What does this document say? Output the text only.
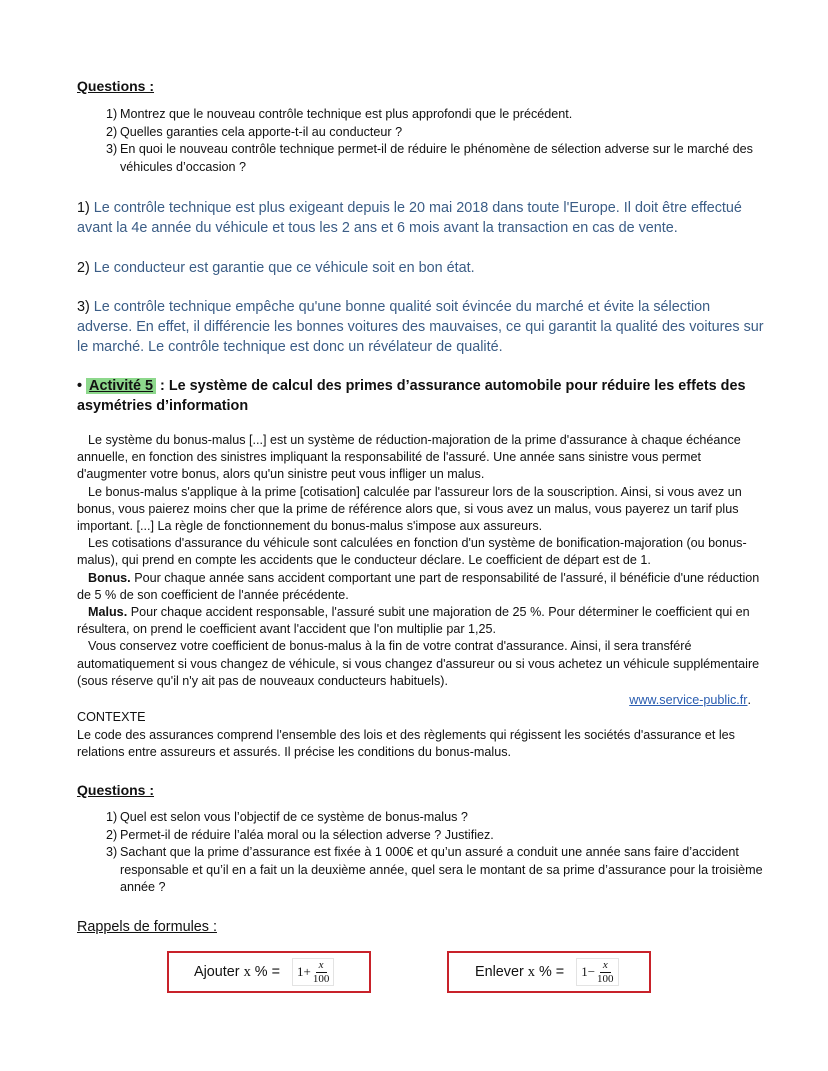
Questions :
1) Montrez que le nouveau contrôle technique est plus approfondi que le précédent.
2) Quelles garanties cela apporte-t-il au conducteur ?
3) En quoi le nouveau contrôle technique permet-il de réduire le phénomène de sélection adverse sur le marché des véhicules d’occasion ?
1) Le contrôle technique est plus exigeant depuis le 20 mai 2018 dans toute l'Europe. Il doit être effectué avant la 4e année du véhicule et tous les 2 ans et 6 mois avant la transaction en cas de vente.
2) Le conducteur est garantie que ce véhicule soit en bon état.
3) Le contrôle technique empêche qu'une bonne qualité soit évincée du marché et évite la sélection adverse. En effet, il différencie les bonnes voitures des mauvaises, ce qui garantit la qualité des voitures sur le marché. Le contrôle technique est donc un révélateur de qualité.
• Activité 5 : Le système de calcul des primes d’assurance automobile pour réduire les effets des asymétries d’information

Le système du bonus-malus [...] est un système de réduction-majoration de la prime d'assurance à chaque échéance annuelle, en fonction des sinistres impliquant la responsabilité de l'assuré. Une année sans sinistre vous permet d'augmenter votre bonus, alors qu'un sinistre peut vous infliger un malus.

Le bonus-malus s'applique à la prime [cotisation] calculée par l'assureur lors de la souscription. Ainsi, si vous avez un bonus, vous paierez moins cher que la prime de référence alors que, si vous avez un malus, vous payerez un tarif plus important. [...] La règle de fonctionnement du bonus-malus s'impose aux assureurs.

Les cotisations d'assurance du véhicule sont calculées en fonction d'un système de bonification-majoration (ou bonus-malus), qui prend en compte les accidents que le conducteur déclare. Le coefficient de départ est de 1.

Bonus. Pour chaque année sans accident comportant une part de responsabilité de l'assuré, il bénéficie d'une réduction de 5 % de son coefficient de l'année précédente.

Malus. Pour chaque accident responsable, l'assuré subit une majoration de 25 %. Pour déterminer le coefficient qui en résultera, on prend le coefficient avant l'accident que l'on multiplie par 1,25.

Vous conservez votre coefficient de bonus-malus à la fin de votre contrat d'assurance. Ainsi, il sera transféré automatiquement si vous changez de véhicule, si vous changez d'assureur ou si vous achetez un véhicule supplémentaire (sous réserve qu'il n'y ait pas de nouveaux conducteurs habituels).

www.service-public.fr.
CONTEXTE
Le code des assurances comprend l'ensemble des lois et des règlements qui régissent les sociétés d'assurance et les relations entre assureurs et assurés. Il précise les conditions du bonus-malus.
Questions :
1) Quel est selon vous l’objectif de ce système de bonus-malus ?
2) Permet-il de réduire l’aléa moral ou la sélection adverse ? Justifiez.
3) Sachant que la prime d’assurance est fixée à 1 000€ et qu’un assuré a conduit une année sans faire d’accident responsable et qu’il en a fait un la deuxième année, quel sera le montant de sa prime d’assurance pour la troisième année ?
Rappels de formules :
Ajouter x % = $1+ \frac{x}{100}$	Enlever x % = $1- \frac{x}{100}$
